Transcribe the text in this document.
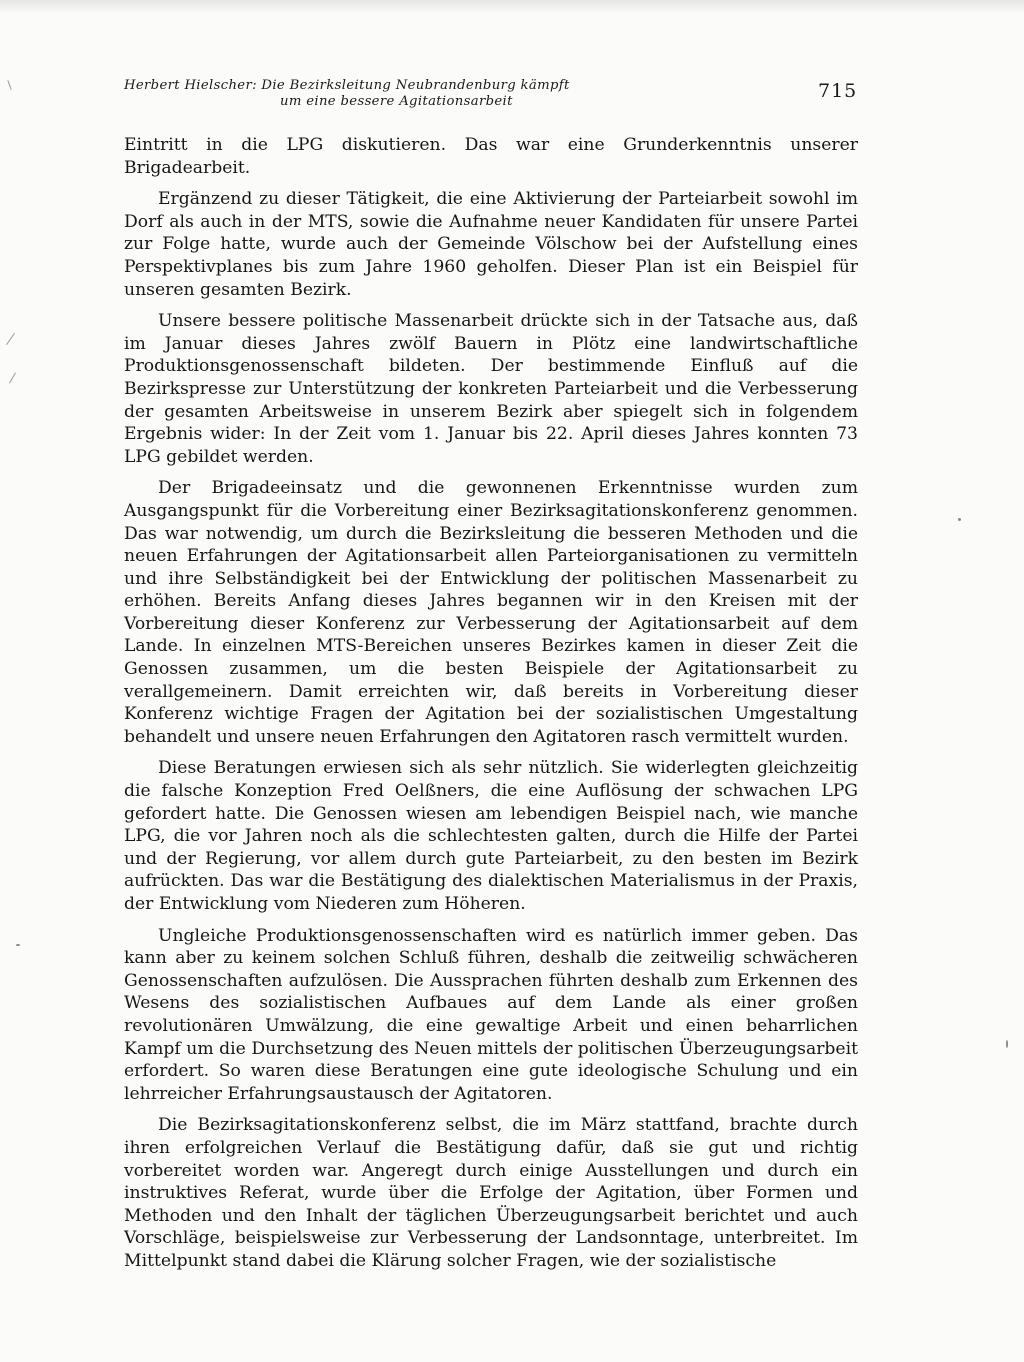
Herbert Hielscher: Die Bezirksleitung Neubrandenburg kämpft
um eine bessere Agitationsarbeit	715

Eintritt in die LPG diskutieren. Das war eine Grunderkenntnis unserer Brigadearbeit.

Ergänzend zu dieser Tätigkeit, die eine Aktivierung der Parteiarbeit sowohl im Dorf als auch in der MTS, sowie die Aufnahme neuer Kandidaten für unsere Partei zur Folge hatte, wurde auch der Gemeinde Völschow bei der Aufstellung eines Perspektivplanes bis zum Jahre 1960 geholfen. Dieser Plan ist ein Beispiel für unseren gesamten Bezirk.

Unsere bessere politische Massenarbeit drückte sich in der Tatsache aus, daß im Januar dieses Jahres zwölf Bauern in Plötz eine landwirtschaftliche Produktionsgenossenschaft bildeten. Der bestimmende Einfluß auf die Bezirkspresse zur Unterstützung der konkreten Parteiarbeit und die Verbesserung der gesamten Arbeitsweise in unserem Bezirk aber spiegelt sich in folgendem Ergebnis wider: In der Zeit vom 1. Januar bis 22. April dieses Jahres konnten 73 LPG gebildet werden.

Der Brigadeeinsatz und die gewonnenen Erkenntnisse wurden zum Ausgangspunkt für die Vorbereitung einer Bezirksagitationskonferenz genommen. Das war notwendig, um durch die Bezirksleitung die besseren Methoden und die neuen Erfahrungen der Agitationsarbeit allen Parteiorganisationen zu vermitteln und ihre Selbständigkeit bei der Entwicklung der politischen Massenarbeit zu erhöhen. Bereits Anfang dieses Jahres begannen wir in den Kreisen mit der Vorbereitung dieser Konferenz zur Verbesserung der Agitationsarbeit auf dem Lande. In einzelnen MTS-Bereichen unseres Bezirkes kamen in dieser Zeit die Genossen zusammen, um die besten Beispiele der Agitationsarbeit zu verallgemeinern. Damit erreichten wir, daß bereits in Vorbereitung dieser Konferenz wichtige Fragen der Agitation bei der sozialistischen Umgestaltung behandelt und unsere neuen Erfahrungen den Agitatoren rasch vermittelt wurden.

Diese Beratungen erwiesen sich als sehr nützlich. Sie widerlegten gleichzeitig die falsche Konzeption Fred Oelßners, die eine Auflösung der schwachen LPG gefordert hatte. Die Genossen wiesen am lebendigen Beispiel nach, wie manche LPG, die vor Jahren noch als die schlechtesten galten, durch die Hilfe der Partei und der Regierung, vor allem durch gute Parteiarbeit, zu den besten im Bezirk aufrückten. Das war die Bestätigung des dialektischen Materialismus in der Praxis, der Entwicklung vom Niederen zum Höheren.

Ungleiche Produktionsgenossenschaften wird es natürlich immer geben. Das kann aber zu keinem solchen Schluß führen, deshalb die zeitweilig schwächeren Genossenschaften aufzulösen. Die Aussprachen führten deshalb zum Erkennen des Wesens des sozialistischen Aufbaues auf dem Lande als einer großen revolutionären Umwälzung, die eine gewaltige Arbeit und einen beharrlichen Kampf um die Durchsetzung des Neuen mittels der politischen Überzeugungsarbeit erfordert. So waren diese Beratungen eine gute ideologische Schulung und ein lehrreicher Erfahrungsaustausch der Agitatoren.

Die Bezirksagitationskonferenz selbst, die im März stattfand, brachte durch ihren erfolgreichen Verlauf die Bestätigung dafür, daß sie gut und richtig vorbereitet worden war. Angeregt durch einige Ausstellungen und durch ein instruktives Referat, wurde über die Erfolge der Agitation, über Formen und Methoden und den Inhalt der täglichen Überzeugungsarbeit berichtet und auch Vorschläge, beispielsweise zur Verbesserung der Landsonntage, unterbreitet. Im Mittelpunkt stand dabei die Klärung solcher Fragen, wie der sozialistische
